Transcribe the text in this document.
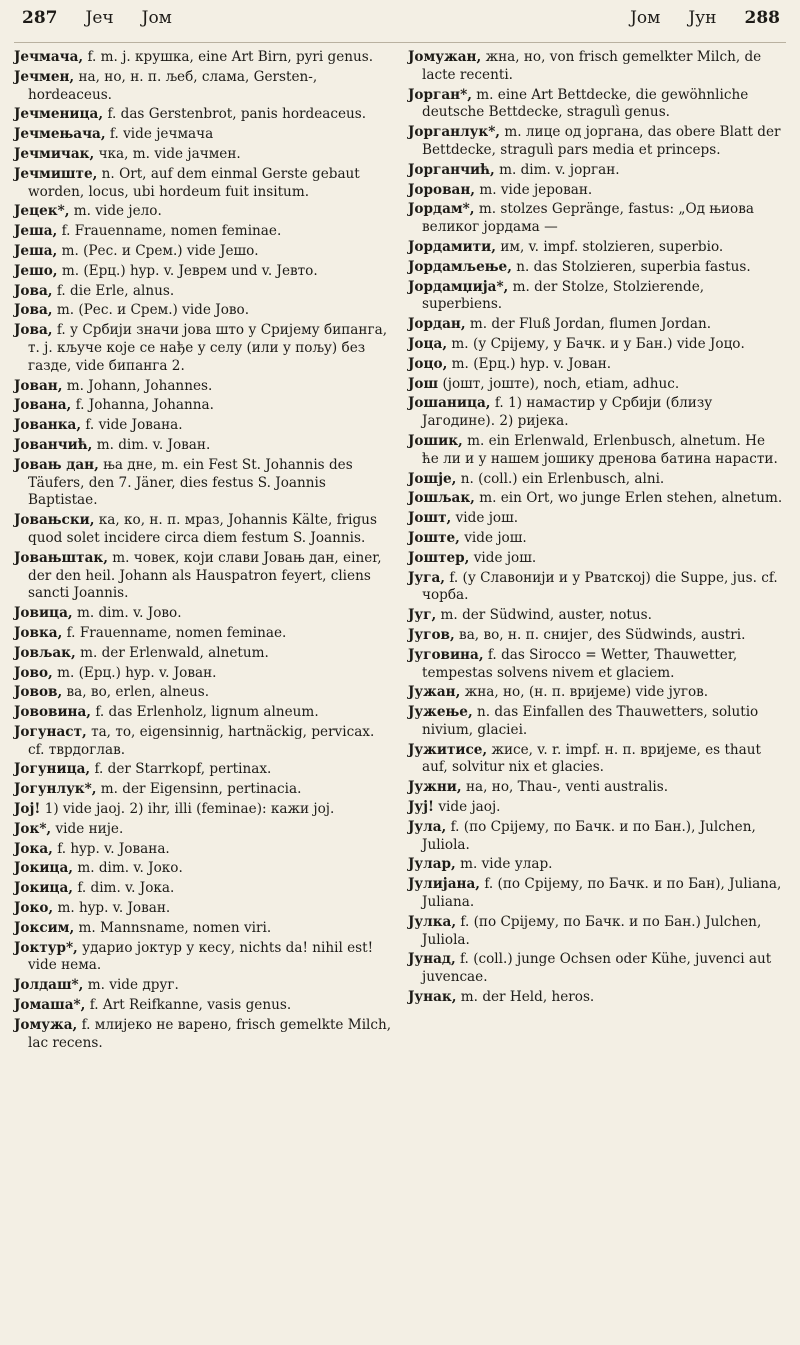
287 Јеч Јом	Јом Јун 288

Јечмача, f. m. j. крушка, eine Art Birn, pyri genus.

Јечмен, на, но, н. п. љеб, слама, Gersten-, hordeaceus.

Јечменица, f. das Gerstenbrot, panis hordeaceus.

Јечмењача, f. vide јечмача

Јечмичак, чка, m. vide јачмен.

Јечмиште, n. Ort, auf dem einmal Gerste gebaut worden, locus, ubi hordeum fuit insitum.

Јецек*, m. vide јело.

Јеша, f. Frauenname, nomen feminae.

Јеша, m. (Рес. и Срем.) vide Јешо.

Јешо, m. (Ерц.) hyp. v. Јеврем und v. Јевто.

Јова, f. die Erle, alnus.

Јова, m. (Рес. и Срем.) vide Јово.

Јова, f. у Србији значи јова што у Сријему бипанга, т. ј. кључе које се нађе у селу (или у пољу) без газде, vide бипанга 2.

Јован, m. Johann, Johannes.

Јована, f. Johanna, Johanna.

Јованка, f. vide Јована.

Јованчић, m. dim. v. Јован.

Јовањ дан, ња дне, m. ein Fest St. Johannis des Täufers, den 7. Jäner, dies festus S. Joannis Baptistae.

Јовањски, ка, ко, н. п. мраз, Johannis Kälte, frigus quod solet incidere circa diem festum S. Joannis.

Јовањштак, m. човек, који слави Јовањ дан, einer, der den heil. Johann als Hauspatron feyert, cliens sancti Joannis.

Јовица, m. dim. v. Јово.

Јовка, f. Frauenname, nomen feminae.

Јовљак, m. der Erlenwald, alnetum.

Јово, m. (Ерц.) hyp. v. Јован.

Јовов, ва, во, erlen, alneus.

Јововина, f. das Erlenholz, lignum alneum.

Јогунаст, та, то, eigensinnig, hartnäckig, pervicax. cf. тврдоглав.

Јогуница, f. der Starrkopf, pertinax.

Јогунлук*, m. der Eigensinn, pertinacia.

Јој! 1) vide јаој. 2) ihr, illi (feminae): кажи јој.

Јок*, vide није.

Јока, f. hyp. v. Јована.

Јокица, m. dim. v. Јоко.

Јокица, f. dim. v. Јока.

Јоко, m. hyp. v. Јован.

Јоксим, m. Mannsname, nomen viri.

Јоктур*, ударио јоктур у кесу, nichts da! nihil est! vide нема.

Јолдаш*, m. vide друг.

Јомаша*, f. Art Reifkanne, vasis genus.

Јомужа, f. млијеко не варено, frisch gemelkte Milch, lac recens.

Јомужан, жна, но, von frisch gemelkter Milch, de lacte recenti.

Јорган*, m. eine Art Bettdecke, die gewöhnliche deutsche Bettdecke, stragulì genus.

Јорганлук*, m. лице од јоргана, das obere Blatt der Bettdecke, stragulì pars media et princeps.

Јорганчић, m. dim. v. јорган.

Јорован, m. vide јерован.

Јордам*, m. stolzes Gepränge, fastus: „Од њиова великог јордама —

Јордамити, им, v. impf. stolzieren, superbio.

Јордамљење, n. das Stolzieren, superbia fastus.

Јордамџија*, m. der Stolze, Stolzierende, superbiens.

Јордан, m. der Fluß Jordan, flumen Jordan.

Јоца, m. (у Срijему, у Бачк. и у Бан.) vide Јоцо.

Јоцо, m. (Ерц.) hyp. v. Јован.

Још (јошт, јоште), noch, etiam, adhuc.

Јошаница, f. 1) намастир у Србији (близу Јагодине). 2) ријека.

Јошик, m. ein Erlenwald, Erlenbusch, alnetum. Не ће ли и у нашем јошику дренова батина нарасти.

Јошје, n. (coll.) ein Erlenbusch, alni.

Јошљак, m. ein Ort, wo junge Erlen stehen, alnetum.

Јошт, vide још.

Јоште, vide још.

Јоштер, vide још.

Југа, f. (у Славонији и у Рватској) die Suppe, jus. cf. чорба.

Југ, m. der Südwind, auster, notus.

Југов, ва, во, н. п. снијег, des Südwinds, austri.

Југовина, f. das Sirocco = Wetter, Thauwetter, tempestas solvens nivem et glaciem.

Јужан, жна, но, (н. п. вријеме) vide југов.

Јужење, n. das Einfallen des Thauwetters, solutio nivium, glaciei.

Јужитисе, жисе, v. r. impf. н. п. вријеме, es thaut auf, solvitur nix et glacies.

Јужни, на, но, Thau-, venti australis.

Јуј! vide јаој.

Јула, f. (по Срijему, по Бачк. и по Бан.), Julchen, Juliola.

Јулар, m. vide улар.

Јулијана, f. (по Срijему, по Бачк. и по Бан), Juliana, Juliana.

Јулка, f. (по Срijему, по Бачк. и по Бан.) Julchen, Juliola.

Јунад, f. (coll.) junge Ochsen oder Kühe, juvenci aut juvencae.

Јунак, m. der Held, heros.
